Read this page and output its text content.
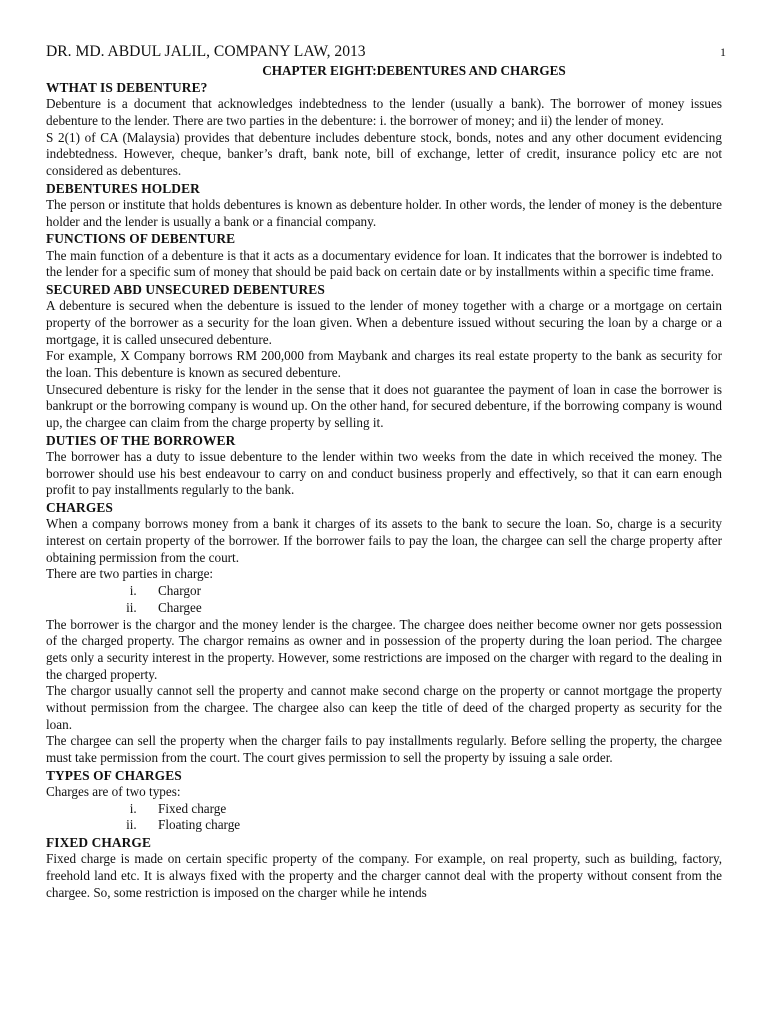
DR. MD. ABDUL JALIL, COMPANY LAW, 2013	1
CHAPTER EIGHT:DEBENTURES AND CHARGES
WTHAT IS DEBENTURE?

Debenture is a document that acknowledges indebtedness to the lender (usually a bank). The borrower of money issues debenture to the lender. There are two parties in the debenture: i. the borrower of money; and ii) the lender of money.

S 2(1) of CA (Malaysia) provides that debenture includes debenture stock, bonds, notes and any other document evidencing indebtedness. However, cheque, banker’s draft, bank note, bill of exchange, letter of credit, insurance policy etc are not considered as debentures.

DEBENTURES HOLDER

The person or institute that holds debentures is known as debenture holder. In other words, the lender of money is the debenture holder and the lender is usually a bank or a financial company.

FUNCTIONS OF DEBENTURE

The main function of a debenture is that it acts as a documentary evidence for loan. It indicates that the borrower is indebted to the lender for a specific sum of money that should be paid back on certain date or by installments within a specific time frame.

SECURED ABD UNSECURED DEBENTURES

A debenture is secured when the debenture is issued to the lender of money together with a charge or a mortgage on certain property of the borrower as a security for the loan given. When a debenture issued without securing the loan by a charge or a mortgage, it is called unsecured debenture.

For example, X Company borrows RM 200,000 from Maybank and charges its real estate property to the bank as security for the loan. This debenture is known as secured debenture.

Unsecured debenture is risky for the lender in the sense that it does not guarantee the payment of loan in case the borrower is bankrupt or the borrowing company is wound up. On the other hand, for secured debenture, if the borrowing company is wound up, the chargee can claim from the charge property by selling it.

DUTIES OF THE BORROWER

The borrower has a duty to issue debenture to the lender within two weeks from the date in which received the money. The borrower should use his best endeavour to carry on and conduct business properly and effectively, so that it can earn enough profit to pay installments regularly to the bank.

CHARGES

When a company borrows money from a bank it charges of its assets to the bank to secure the loan. So, charge is a security interest on certain property of the borrower. If the borrower fails to pay the loan, the chargee can sell the charge property after obtaining permission from the court.

There are two parties in charge:

i. Chargor
ii. Chargee

The borrower is the chargor and the money lender is the chargee. The chargee does neither become owner nor gets possession of the charged property. The chargor remains as owner and in possession of the property during the loan period. The chargee gets only a security interest in the property. However, some restrictions are imposed on the charger with regard to the dealing in the charged property.

The chargor usually cannot sell the property and cannot make second charge on the property or cannot mortgage the property without permission from the chargee. The chargee also can keep the title of deed of the charged property as security for the loan.

The chargee can sell the property when the charger fails to pay installments regularly. Before selling the property, the chargee must take permission from the court. The court gives permission to sell the property by issuing a sale order.

TYPES OF CHARGES

Charges are of two types:

i. Fixed charge
ii. Floating charge
FIXED CHARGE

Fixed charge is made on certain specific property of the company. For example, on real property, such as building, factory, freehold land etc. It is always fixed with the property and the charger cannot deal with the property without consent from the chargee. So, some restriction is imposed on the charger while he intends
